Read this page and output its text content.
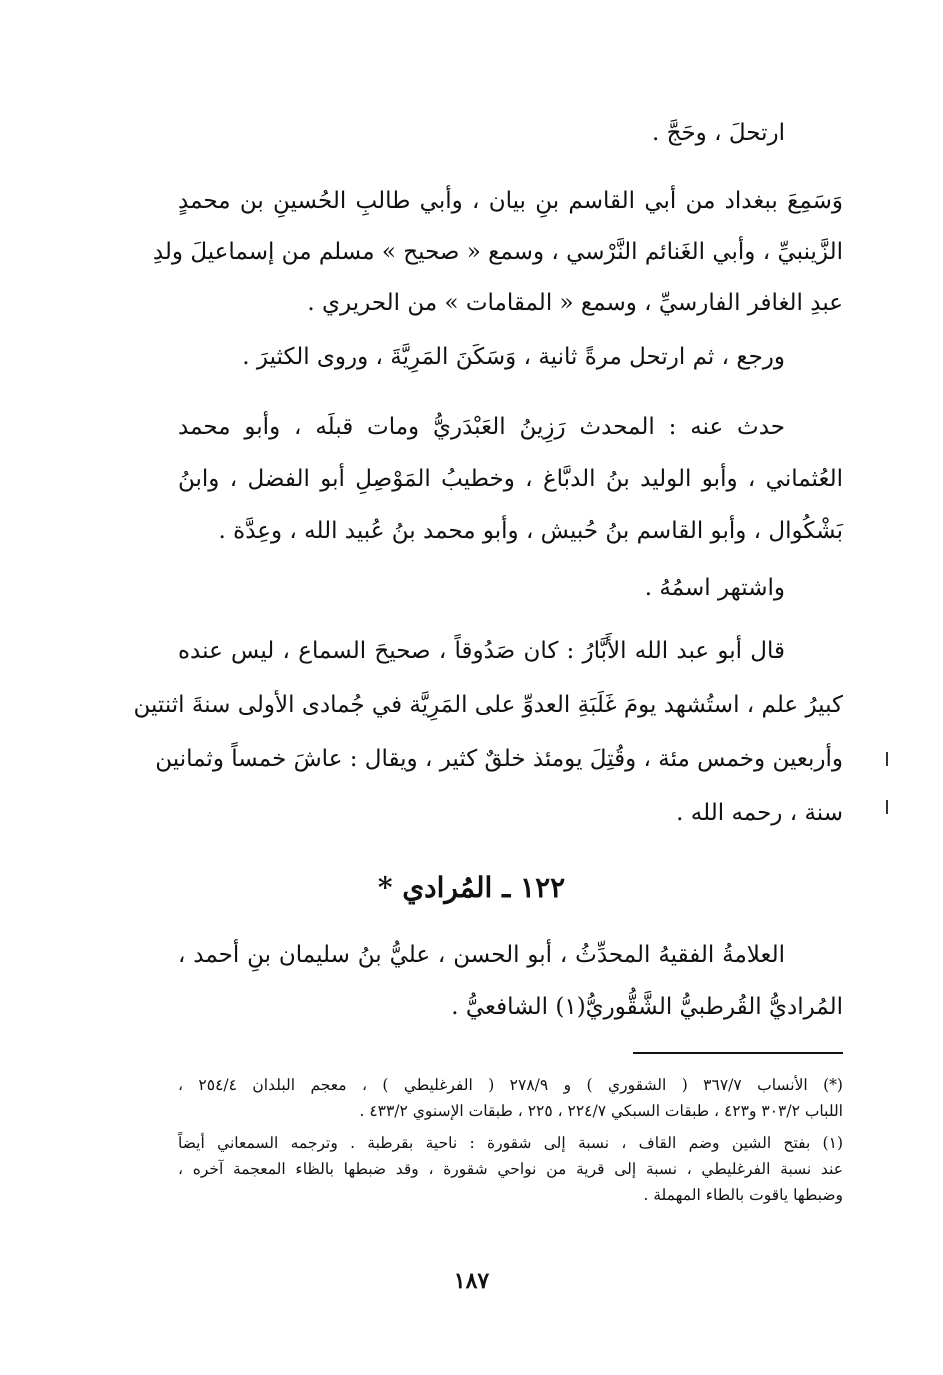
ارتحلَ ، وحَجَّ .
وَسَمِعَ ببغداد من أبي القاسم بنِ بيان ، وأبي طالبِ الحُسينِ بن محمدٍ
الزَّينبيِّ ، وأبي الغَنائم النَّرْسي ، وسمع « صحيح » مسلم من إسماعيلَ ولدِ
عبدِ الغافر الفارسيِّ ، وسمع « المقامات » من الحريري .
ورجع ، ثم ارتحل مرةً ثانية ، وَسَكَنَ المَرِيَّةَ ، وروى الكثيرَ .
حدث عنه : المحدث رَزِينُ العَبْدَريُّ ومات قبلَه ، وأبو محمد
العُثماني ، وأبو الوليد بنُ الدبَّاغ ، وخطيبُ المَوْصِلِ أبو الفضل ، وابنُ
بَشْكُوال ، وأبو القاسم بنُ حُبيش ، وأبو محمد بنُ عُبيد الله ، وعِدَّة .
واشتهر اسمُهُ .
قال أبو عبد الله الأَبَّارُ : كان صَدُوقاً ، صحيحَ السماع ، ليس عنده
كبيرُ علم ، استُشهد يومَ غَلَبَةِ العدوِّ على المَرِيَّة في جُمادى الأولى سنةَ اثنتين
وأربعين وخمس مئة ، وقُتِلَ يومئذ خلقٌ كثير ، ويقال : عاشَ خمساً وثمانين
سنة ، رحمه الله .
١٢٢ ـ المُرادي *
العلامةُ الفقيهُ المحدِّثُ ، أبو الحسن ، عليُّ بنُ سليمان بنِ أحمد ،
المُراديُّ القُرطبيُّ الشَّقُّوريُّ(١) الشافعيُّ .
(*) الأنساب ٣٦٧/٧ ( الشقوري ) و ٢٧٨/٩ ( الفرغليطي ) ، معجم البلدان ٢٥٤/٤ ،
اللباب ٣٠٣/٢ و٤٢٣ ، طبقات السبكي ٢٢٤/٧ ، ٢٢٥ ، طبقات الإسنوي ٤٣٣/٢ .
(١) بفتح الشين وضم القاف ، نسبة إلى شقورة : ناحية بقرطبة . وترجمه السمعاني أيضاً
عند نسبة الفرغليطي ، نسبة إلى قرية من نواحي شقورة ، وقد ضبطها بالظاء المعجمة آخره ،
وضبطها ياقوت بالطاء المهملة .
١٨٧
